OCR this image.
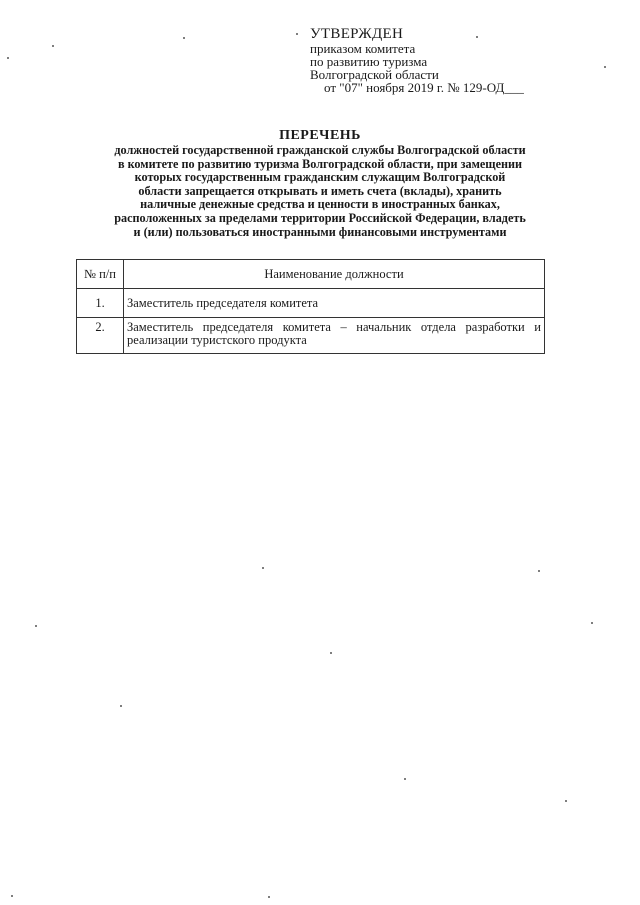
УТВЕРЖДЕН
приказом комитета
по развитию туризма
Волгоградской области
от "07" ноября 2019 г. № 129-ОД___
ПЕРЕЧЕНЬ
должностей государственной гражданской службы Волгоградской области
в комитете по развитию туризма Волгоградской области, при замещении
которых государственным гражданским служащим Волгоградской
области запрещается открывать и иметь счета (вклады), хранить
наличные денежные средства и ценности в иностранных банках,
расположенных за пределами территории Российской Федерации, владеть
и (или) пользоваться иностранными финансовыми инструментами
№ п/п	Наименование должности
1.	Заместитель председателя комитета
2.	Заместитель председателя комитета – начальник отдела разработки и реализации туристского продукта
